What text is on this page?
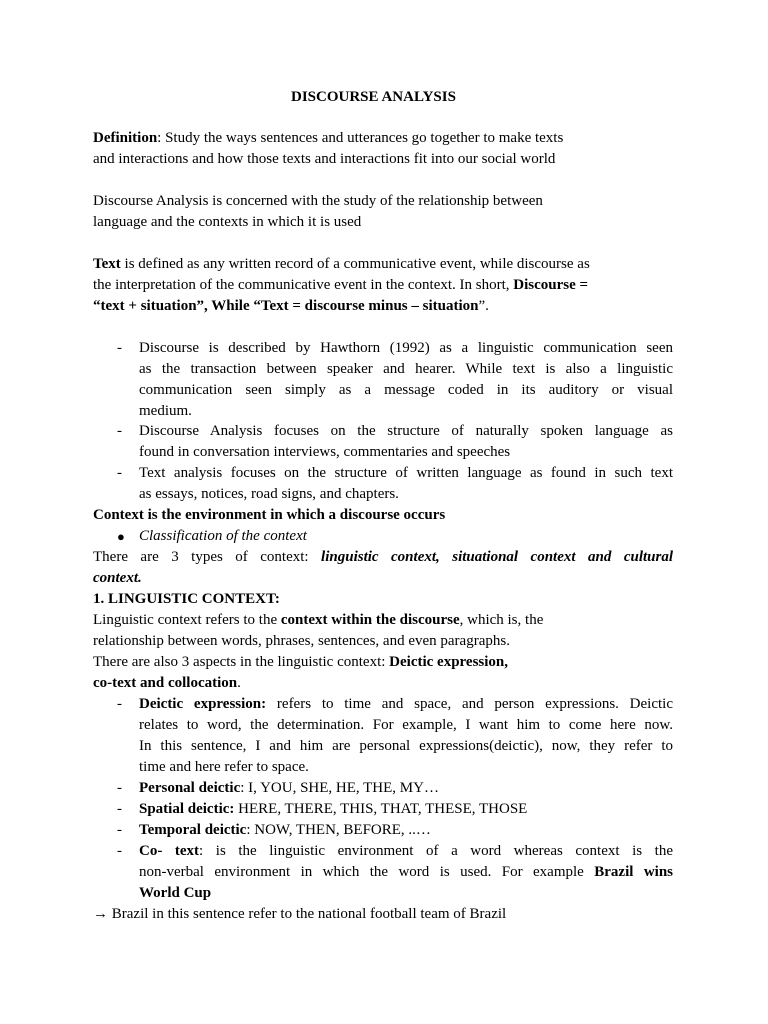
DISCOURSE ANALYSIS
Definition: Study the ways sentences and utterances go together to make texts
and interactions and how those texts and interactions fit into our social world
Discourse Analysis is concerned with the study of the relationship between
language and the contexts in which it is used
Text is defined as any written record of a communicative event, while discourse as
the interpretation of the communicative event in the context. In short, Discourse =
“text + situation”, While “Text = discourse minus – situation”.
- Discourse is described by Hawthorn (1992) as a linguistic communication seen
as the transaction between speaker and hearer. While text is also a linguistic
communication seen simply as a message coded in its auditory or visual
medium.
- Discourse Analysis focuses on the structure of naturally spoken language as
found in conversation interviews, commentaries and speeches
- Text analysis focuses on the structure of written language as found in such text
as essays, notices, road signs, and chapters.
Context is the environment in which a discourse occurs
● Classification of the context
There are 3 types of context: linguistic context, situational context and cultural
context.
1. LINGUISTIC CONTEXT:
Linguistic context refers to the context within the discourse, which is, the
relationship between words, phrases, sentences, and even paragraphs.
There are also 3 aspects in the linguistic context: Deictic expression,
co-text and collocation.
- Deictic expression: refers to time and space, and person expressions. Deictic
relates to word, the determination. For example, I want him to come here now.
In this sentence, I and him are personal expressions(deictic), now, they refer to
time and here refer to space.
- Personal deictic: I, YOU, SHE, HE, THE, MY…
- Spatial deictic: HERE, THERE, THIS, THAT, THESE, THOSE
- Temporal deictic: NOW, THEN, BEFORE, ..…
- Co- text: is the linguistic environment of a word whereas context is the
non-verbal environment in which the word is used. For example Brazil wins
World Cup
→ Brazil in this sentence refer to the national football team of Brazil
